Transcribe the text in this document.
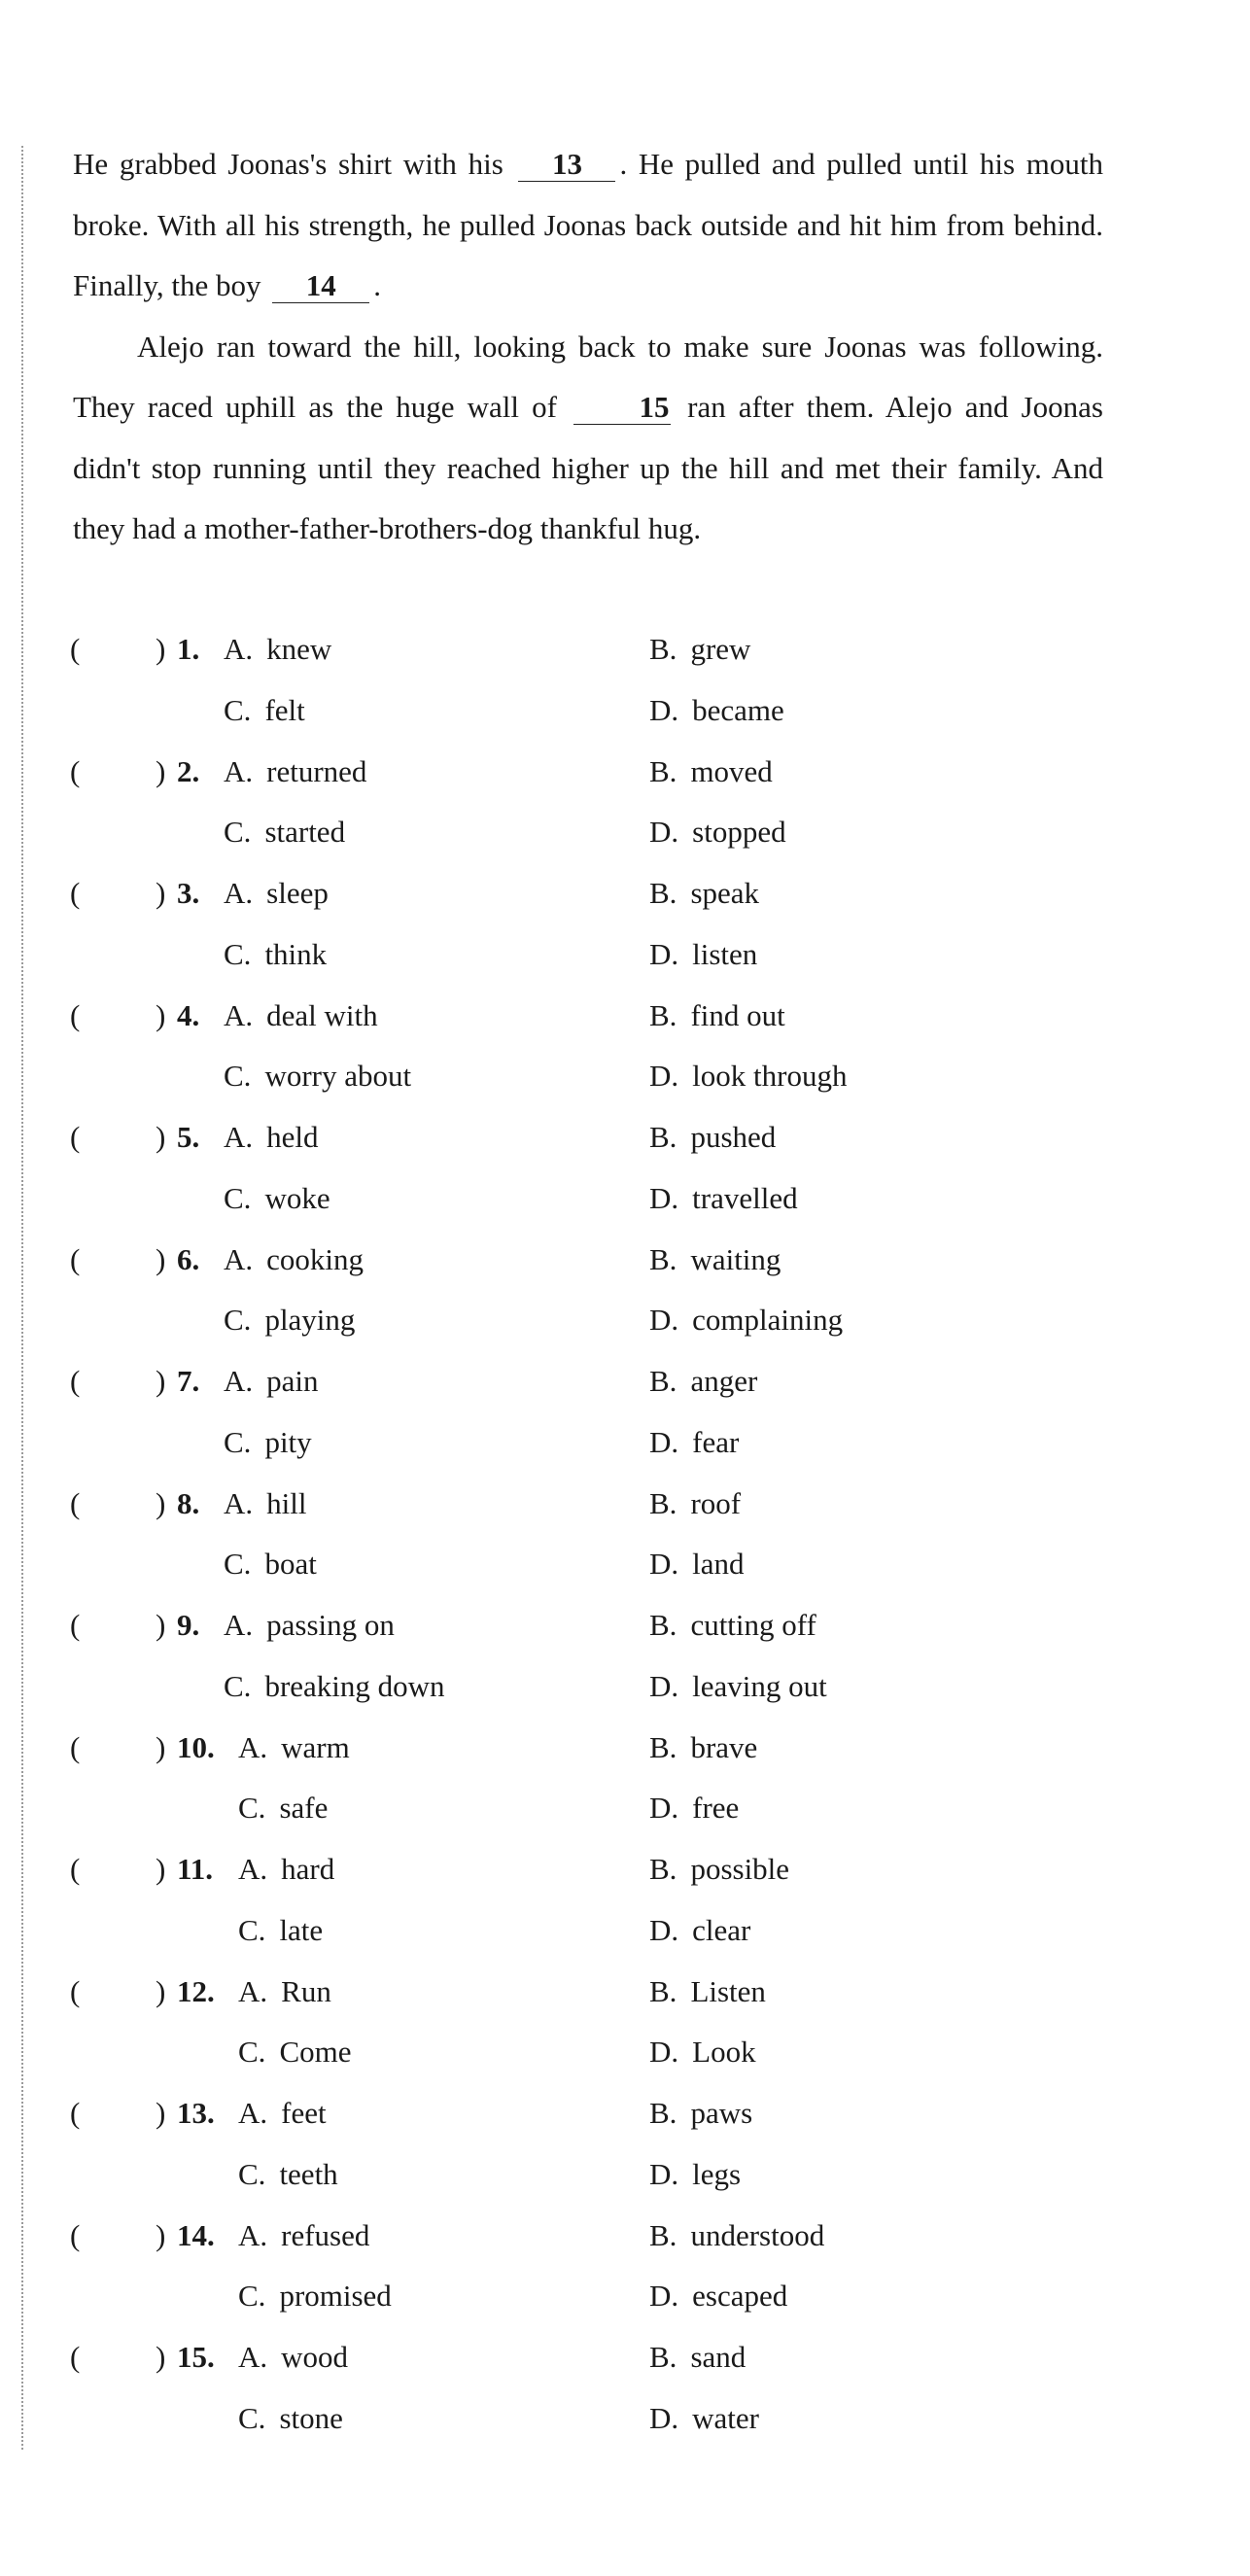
He grabbed Joonas's shirt with his 13 . He pulled and pulled until his mouth broke. With all his strength, he pulled Joonas back outside and hit him from behind. Finally, the boy 14 .

Alejo ran toward the hill, looking back to make sure Joonas was following. They raced uphill as the huge wall of	15 ran after them. Alejo and Joonas didn't stop running until they reached higher up the hill and met their family. And they had a mother-father-brothers-dog thankful hug.

(	) 1. A. knew	B. grew
C. felt	D. became
(	) 2. A. returned	B. moved
C. started	D. stopped
(	) 3. A. sleep	B. speak
C. think	D. listen
(	) 4. A. deal with	B. find out
C. worry about	D. look through
(	) 5. A. held	B. pushed
C. woke	D. travelled
(	) 6. A. cooking	B. waiting
C. playing	D. complaining
(	) 7. A. pain	B. anger
C. pity	D. fear
(	) 8. A. hill	B. roof
C. boat	D. land
(	) 9. A. passing on	B. cutting off
C. breaking down	D. leaving out
(	) 10. A. warm	B. brave
C. safe	D. free
(	) 11. A. hard	B. possible
C. late	D. clear
(	) 12. A. Run	B. Listen
C. Come	D. Look
(	) 13. A. feet	B. paws
C. teeth	D. legs
(	) 14. A. refused	B. understood
C. promised	D. escaped
(	) 15. A. wood	B. sand
C. stone	D. water
